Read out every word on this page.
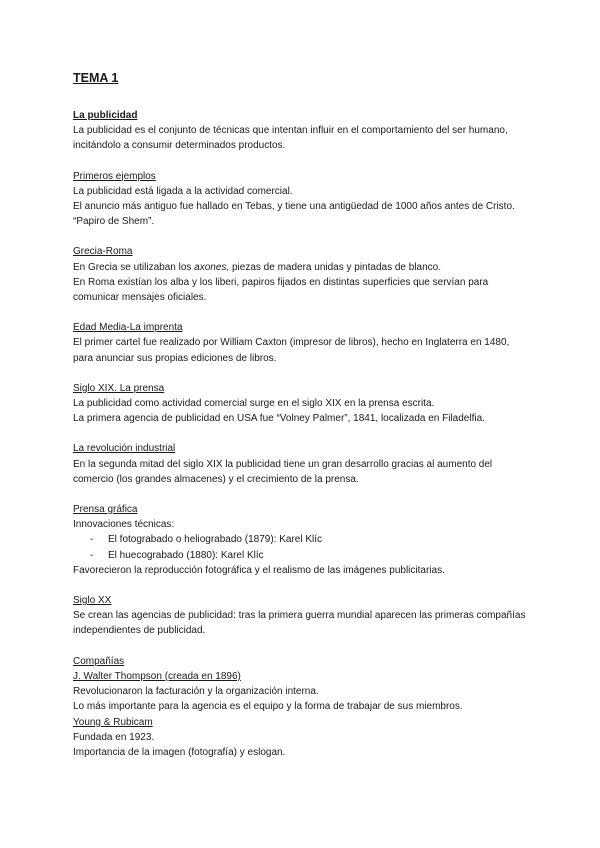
TEMA 1
La publicidad
La publicidad es el conjunto de técnicas que intentan influir en el comportamiento del ser humano,
incitándolo a consumir determinados productos.
Primeros ejemplos
La publicidad está ligada a la actividad comercial.
El anuncio más antiguo fue hallado en Tebas, y tiene una antigüedad de 1000 años antes de Cristo.
“Papiro de Shem”.
Grecia-Roma
En Grecia se utilizaban los axones, piezas de madera unidas y pintadas de blanco.
En Roma existían los alba y los liberi, papiros fijados en distintas superficies que servían para
comunicar mensajes oficiales.
Edad Media-La imprenta
El primer cartel fue realizado por William Caxton (impresor de libros), hecho en Inglaterra en 1480,
para anunciar sus propias ediciones de libros.
Siglo XIX. La prensa
La publicidad como actividad comercial surge en el siglo XIX en la prensa escrita.
La primera agencia de publicidad en USA fue “Volney Palmer”, 1841, localizada en Filadelfia.
La revolución industrial
En la segunda mitad del siglo XIX la publicidad tiene un gran desarrollo gracias al aumento del
comercio (los grandes almacenes) y el crecimiento de la prensa.
Prensa gráfica
Innovaciones técnicas:
- El fotograbado o heliograbado (1879): Karel Klíc
- El huecograbado (1880): Karel Klíc
Favorecieron la reproducción fotográfica y el realismo de las imágenes publicitarias.
Siglo XX
Se crean las agencias de publicidad: tras la primera guerra mundial aparecen las primeras compañías
independientes de publicidad.
Compañías
J. Walter Thompson (creada en 1896)
Revolucionaron la facturación y la organización interna.
Lo más importante para la agencia es el equipo y la forma de trabajar de sus miembros.
Young & Rubicam
Fundada en 1923.
Importancia de la imagen (fotografía) y eslogan.
